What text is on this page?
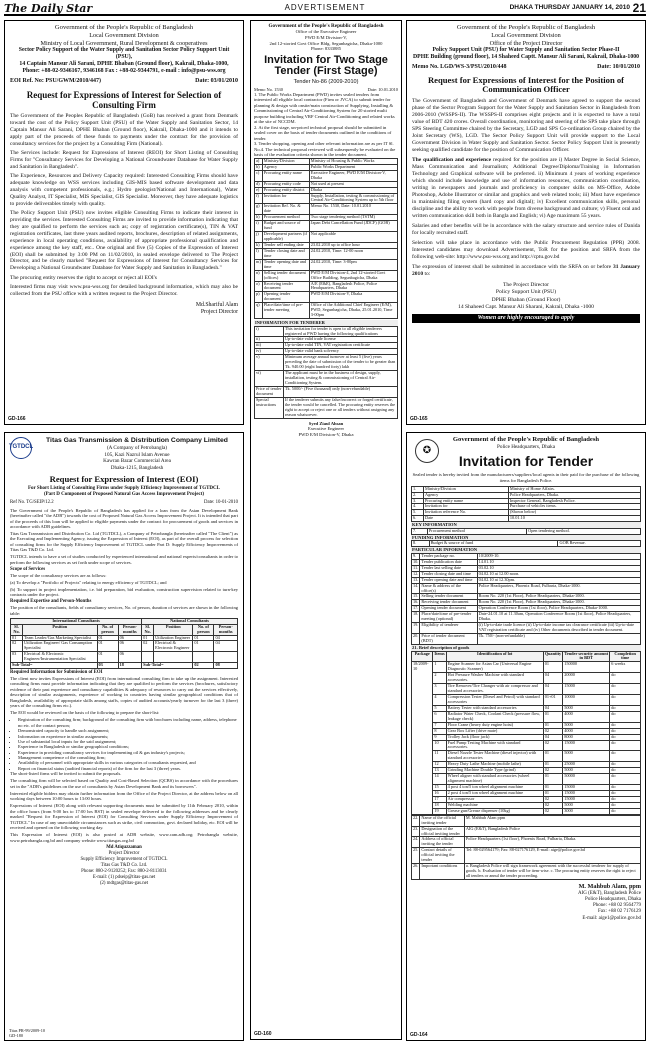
The Daily Star	ADVERTISEMENT	DHAKA THURSDAY JANUARY 14, 2010 21
Government of the People's Republic of Bangladesh
Local Government Division
Ministry of Local Government, Rural Development & cooperatives
Sector Policy Support of the Water Supply and Sanitation Sector Policy Support Unit (PSU),
14 Captain Mansur Ali Sarani, DPHE Bhaban (Ground floor), Kakrail, Dhaka-1000,
Phone: +88-02-9346167, 9346168 Fax : +88-02-9344791, e-mail : info@psu-wss.org
EOI Ref. No: PSU/GWM/2010/447)	Date: 03/01/2010
Request for Expressions of Interest for Selection of Consulting Firm

The Government of the Peoples Republic of Bangladesh (GoB) has received a grant from Denmark toward the cost of the Policy Support Unit (PSU) of the Water Supply and Sanitation Sector, 14 Captain Mansur Ali Sarani, DPHE Bhaban (Ground floor), Kakrail, Dhaka-1000 and it intends to apply part of the proceeds of these funds to payments under the contract for the provision of consultancy services for the project by a Consulting Firm (National).

The Services include: Request for Expressions of Interest (REOI) for Short Listing of Consulting Firms for "Consultancy Services for Developing a National Groundwater Database for Water Supply and Sanitation in Bangladesh".

The Experience, Resources and Delivery Capacity required: Interested Consulting Firms should have adequate knowledge on WSS services including GIS-MIS based software development and data analysis with competent professionals, e.g.; Hydro geologist/National and International), Water Quality Analyst, IT Specialist, MIS Specialist, GIS Specialist. Moreover, they have adequate logistics to provide deliverables timely with quality.

The Policy Support Unit (PSU) now invites eligible Consulting Firms to indicate their interest in providing the services. Interested Consulting Firms are invited to provide information indicating that they are qualified to perform the services such as; copy of registration certificate(s), TIN & VAT registration certificates, last three years audited reports, brochures, description of related assignments, experience in local operating conditions, availability of appropriate professional qualification and experience among the key staff, etc.. One original and five (5) Copies of the Expression of Interest (EOI) shall be submitted by 3:00 PM on 11/02/2010, in sealed envelope delivered to The Project Director, and be clearly marked "Request for Expressions of Interest for Consultancy Services for Developing a National Groundwater Database for Water Supply and Sanitation in Bangladesh."

The procuring entity reserves the right to accept or reject all EOI's

Interested firms may visit www.psu-wss.org for detailed background information, which may also be collected from the PSU office with a written request to the Project Director.

Md.Shariful Alam
Project Director
GD-166
Government of the People's Republic of Bangladesh
Office of the Executive Engineer
PWD E/M Division-V,
2nd 12-storied Govt Office Bldg, Segunbagicha, Dhaka-1000
Phone: 8333885
Invitation for Two Stage Tender (First Stage)
Tender No-86 (2009-2010)
Memo No. 1530	Date: 10.01.2010
1. The Public Works Department (PWD) invites sealed tenders from interested all eligible local contractor (Firm or JVCA) to submit tender for planning & design with onsite/main construction of Supplying, Installing & Commissioning of Central Air-Conditioning System for 20 storied multi purpose building including VRF Central Air-Conditioning and related works at the site of NCCDM.
2. At the first stage, un-priced technical proposal should be submitted in sealed cover on the basis of tender documents outlined in the conditions of tender.
3. Tender shopping, opening and other relevant information are as per IT Sl. No.4. The technical proposal reviewed will subsequently be evaluated on the basis of the evaluation criteria shown in the tender document.
a)	Ministry/Division	Ministry of Housing & Public Works
b)	Agency	Public Works Department
c)	Procuring entity name	Executive Engineer, PWD E/M Division-V, Dhaka
d)	Procuring entity code	Not used at present
e)	Procuring entity district	Dhaka
f)	Invitation for	Supply, Installation, testing & commissioning of Central Air-Conditioning System up to 5th floor
g)	Invitation Ref. No. & date	Memo No. 1530, Date: 10.01.2010
h)	Procurement method	Two stage tendering method (TSTM)
i)	Budget and source of fund	Japan Debt Cancellation Fund (JDCF) (GOB)
j)	Development partners (if applicable)	Not applicable
k)	Tender sell ending date	23.02.2010 up to office hour
l)	Tender closing date and time	24.02.2010, Time: 12-00 noon
m)	Tender opening date and time	24.02.2010, Time: 3-00pm
n)	Selling tender document (offices)	PWD E/M Division-4, 2nd 12-storied Govt Office Building, Segunbagicha, Dhaka
o)	Receiving tender document	A/E (E&E), Bangladesh Police, Police Headquarters, Dhaka
p)	Opening tender document	PWD E/M Division-V, Dhaka
q)	Place/date/time of pre-tender meeting	Office of the Additional Chief Engineer (E/M), PWD, Segunbagicha, Dhaka, 25.01.2010, Time 3-00pm
INFORMATION FOR TENDERER
i)	This invitation for tender is open to all eligible tenderers registered at PWD having the following qualifications
ii)	Up-to-date valid trade license
iii)	Up-to-date valid TIN, VAT registration certificate
iv)	Up-to-date valid bank solvency
v)	Minimum average annual turnover at least 5 (five) years preceding the date of submission of the tender to be greater than Tk. 940.00 (eight hundred forty) lakh
vi)	The applicant must be in the business of design, supply, installation, testing & commissioning of Central Air-Conditioning System.
Price of tender document	Tk. 5000/- (Five thousand) only (non-refundable)
Special instructions	If the tenderer submits any false/incorrect or forged certificate, the tender would be cancelled. The procuring entity reserves the right to accept or reject one or all tenders without assigning any reason whatsoever.
Syed Ziaul Ahsan
Executive Engineer
PWD E/M Division-V, Dhaka
GD-160
Government of the People's Republic of Bangladesh
Local Government Division
Office of the Project Director
Policy Support Unit (PSU) for Water Supply and Sanitation Sector Phase-II
DPHE Building (ground floor), 14 Shaheed Captt. Mansur Ali Sarani, Kakrail, Dhaka-1000
Memo No. LGD/WS-3/PSU/2010/448	Date: 10/01/2010
Request for Expressions of Interest for the Position of Communication Officer

The Government of Bangladesh and Government of Denmark have agreed to support the second phase of the Sector Program Support for the Water Supply and Sanitation Sector in Bangladesh from 2006-2010 (WSSPS-II). The WSSPS-II comprises eight projects and it is expected to have a total value of BDT 420 crores. Overall coordination, monitoring and steering of the SPS take place through SPS Steering Committee chaired by the Secretary, LGD and SPS Co-ordination Group chaired by the Joint Secretary (WS), LGD. The Sector Policy Support Unit will provide support to the Local Government Division in Water Supply and Sanitation Sector. Sector Policy Support Unit is presently seeking qualified candidate for the position of Communication Officer.

The qualification and experience required for the position are i) Master Degree in Social Science, Mass Communication and Journalism; Additional Degree/Diploma/Training in Information Technology and Graphical software will be preferred. ii) Minimum 4 years of working experience which should include knowledge and use of information resources, communication coordination, writing in newspapers and journals and proficiency in computer skills on MS-Office, Adobe Photoshop, Adobe Illustrator or similar and graphics and web related tools; iii) Must have experience in maintaining filing system (hard copy and digital); iv) Excellent communication skills, personal discipline and the ability to work with people from diverse background and culture; v) Fluent oral and written communication skill both in Bangla and English; vi) Age maximum 55 years.

Salaries and other benefits will be in accordance with the salary structure and service rules of Danida for locally recruited staff.

Selection will take place in accordance with the Public Procurement Regulation (PPR) 2008. Interested candidates may download Advertisement, ToR for the position and SRFA from the following web-site: http://www.psu-wss.org and http://cptu.gov.bd

The expression of interest shall be submitted in accordance with the SRFA on or before 31 January 2010 to:

The Project Director
Policy Support Unit (PSU)
DPHE Bhaban (Ground Floor)
14 Shaheed Capt. Mansur Ali Sharani, Kakrail, Dhaka -1000
Women are highly encouraged to apply
GD-165
TGTDCL
Titas Gas Transmission & Distribution Company Limited
(A Company of Petrobangla)
105, Kazi Nazrul Islam Avenue
Kawran Bazar Commercial Area
Dhaka-1215, Bangladesh
Request for Expression of Interest (EOI)
For Short Listing of Consulting Firms under Supply Efficiency Improvement of TGTDCL
(Part D Component of Proposed Natural Gas Access Improvement Project)
Ref No. TG/SEIP/12.2	Date: 10-01-2010

The Government of the People's Republic of Bangladesh has applied for a loan from the Asian Development Bank (hereinafter called "the ADB") towards the cost of Proposed Natural Gas Access Improvement Project. It is intended that part of the proceeds of this loan will be applied to eligible payments under the contract for procurement of goods and services in accordance with ADB guidelines.

Titas Gas Transmission and Distribution Co. Ltd (TGTDCL), a Company of Petrobangla (hereinafter called "The Client") as the Executing and Implementing Agency, issuing the Expression of Interest (EOI), as part of the overall process for selection of consulting firms for the Supply Efficiency Improvement of TGTDCL under Part D: Supply Efficiency Improvements of Titas Gas T&D Co. Ltd.

TGTDCL intends to have a set of studies conducted by experienced international and national experts/consultants in order to perform the following services as set forth under scope of services.

Scope of Services

The scope of the consultancy services are as follows:

(a) To develop a "Portfolio of Projects" relating to energy efficiency of TGTDCL; and

(b) To support in project implementation, i.e. bid preparation, bid evaluation, construction supervision related to turn-key contracts under the project.

Required Expertise and Person-Months

The position of the consultants, fields of consultancy services, No. of person, duration of services are shown in the following table:

International Consultants				National Consultants			
Sl. No.	Position	No. of person	Person-months	Sl. No.	Position	No. of person	Person-months
01	Team Leader/Gas Marketing Specialist	01	06	01	Utilization Engineer	01	04
02	Utilization Engineer/ Gas Consumption Specialist	01	06	02	Electrical & Electronic Engineer	01	04
03	Electrical & Electronic Engineer/Instrumentation Specialist	01	06				
Sub-Total=		03	18	Sub-Total=		02	08
Required Information for Submission of EOI

The client now invites Expressions of Interest (EOI) from international consulting firm to take up the assignment. Interested consulting firms must provide information indicating that they are qualified to perform the services (brochures, satisfactory evidence of their past experience and consultancy capabilities & adequacy of resources to carry out the services effectively, description of similar assignments, experience of working in countries having similar geographical conditions that of Bangladesh, availability of appropriate skills among staffs, copies of audited accounts/yearly turnover for the last 3 (three) years of the consulting firms etc.).

The EOI would be reviewed on the basis of the following to prepare the short-list:

• Registration of the consulting firm; background of the consulting firm with brochures including name, address, telephone no etc. of the contact person;
• Demonstrated capacity to handle such assignment;
• Information on experience in similar assignments;
• Use of substantial local inputs for the said assignment;
• Experience in Bangladesh or similar geographical conditions;
• Experience in providing consultancy services for implementing oil & gas industry's projects;
• Management competence of the consulting firm;
• Availability of personnel with appropriate skills in various categories of consultants requested, and
• Report on financial status (audited financial reports) of the firm for the last 3 (three) years.

The short-listed firms will be invited to submit the proposals.

The consulting firm will be selected based on Quality and Cost-Based Selection (QCBS) in accordance with the procedures set in the "ADB's guidelines on the use of consultants by Asian Development Bank and its borrowers".

Interested eligible bidders may obtain further information from the Office of the Project Director, at the address below on all working days between 10:00 hours to 13:00 hours.

Expressions of Interest (EOI) along with relevant supporting documents must be submitted by 11th February 2010, within the office hours (from 9:00 hrs to 17:00 hrs BST) in sealed envelope delivered to the following addresses and be clearly marked "Request for Expression of Interest (EOI) for Consulting Services under Supply Efficiency Improvement of TGTDCL" In case of any unavoidable circumstances such as strike, civil commotion, govt. declared holiday, etc. EOI will be received and opened on the following working day.

This Expression of Interest (EOI) is also posted at ADB website, www.cam.adb.org; Petrobangla website, www.petrobangla.org.bd and company website www.titasgas.org.bd

Md Atiquzzaman
Project Director
Supply Efficiency Improvement of TGTDCL
Titas Gas T&D Co. Ltd.
Phone: 880-2-9120252; Fax: 880-2-8113031
E-mail: (1) pdseip@titas-gas.net
(2) mdtgas@titas-gas.net
Titas PR-99/2009-10
GD-180
✪
Government of the People's Republic of Bangladesh
Police Headquarters, Dhaka
Invitation for Tender
Sealed tender is hereby invited from the manufacturers/suppliers/local agents in their paid for the purchase of the following items for Bangladesh Police.
1.	Ministry/Division	Ministry of Home Affairs.
2.	Agency	Police Headquarters, Dhaka.
3.	Procuring entity name	Inspector General, Bangladesh Police.
4.	Invitation for	Purchase of vehicles items.
5.	Invitation reference No.	(Shown below)
6.	Date	10.01.10
KEY INFORMATION
7.	Procurement method	Open tendering method.
FUNDING INFORMATION
8.	Budget & source of fund	GOB Revenue.
PARTICULAR INFORMATION
9.	Tender package no.	10/2009-10.
10.	Tender publication date	14.01.10
11.	Tender last selling date	03.02.10
12.	Tender closing date and time	04.02.10 at 12.00 noon.
13.	Tender opening date and time	04.02.10 at 12.30pm.
14.	Name & address of the office(s)	Police Headquarters, Phoenix Road, Fulbaria, Dhaka-1000.
15.	Selling tender document	Room No. 220 (1st Floor), Police Headquarters, Dhaka-1000.
16.	Receiving tender document	Room No. 220 (1st Floor), Police Headquarters, Dhaka-1000.
17.	Opening tender document	Operation Conference Room (1st floor), Police Headquarters, Dhaka-1000.
18.	Place/date/time of pre-tender meeting (optional)	Date-24.01.10 at 11.30am, Operation Conference Room (1st floor), Police Headquarters, Dhaka.
19.	Eligibility of tenderer	(i) Up-to-date trade licence (ii) Up-to-date income tax clearance certificate (iii) Up-to-date VAT registration certificate and (iv) Other documents described in tender document.
20.	Price of tender document (BDT)	Tk. 750/- (non-refundable)
21. Brief description of goods
Package	Items	Identification of lot	Quantity	Tender security amount in BDT	Completion time
18/2009-10	1	Engine Scanner for Asian Car (Universal Engine Diagnostic Scanner)	01	150000	6 weeks
	2	Hot Pressure Washer Machine with standard accessories.	04	20000	do
	3	Tire Remover/Tire Changer with air compressor and standard accessories.	04	15000	do
	4	Compression Tester (Diesel and Petrol) with standard accessories	01+01	10000	do
	5	Battery Tester with standard accessories	04	5000	do
	6	Radiator Water Check, Coolant Check (pressure flow, leakage check)	01	4000	do
	7	Floor Crane (heavy duty engine hoist)	01	5000	do
	8	Gear Box Lifter (drive mate)	02	4000	do
	9	Trolley Jack (floor jack)	04	8000	do
	10	Fuel Pump Testing Machine with standard accessories.	02	15000	do
	11	Diesel Nozzle Tester Machine (diesel injector) with standard accessories	01	5000	do
	12	Heavy Duty Lathe Machine (mobile lathe)	01	25000	do
	13	Grinding Machine Double Type (grind)	02	5000	do
	14	Wheel aligner with standard accessories (wheel alignment machine)	01	50000	do
	15	4 post 4 ton/5 ton wheel alignment machine	01	15000	do
	16	2 post 4 ton/5 ton wheel alignment machine	01	15000	do
	17	Air compressor	02	15000	do
	18	Welding machine	02	5000	do
	19	Grease gun/Grease dispenser (10kg)	02	3000	do
22.	Name of the official inviting tender	M. Mahbub Alam ppm
23.	Designation of the official inviting tender	AIG (E&T), Bangladesh Police
24.	Address of official inviting the tender	Police Headquarters (1st floor), Phoenix Road, Fulbaria, Dhaka.
25.	Contact details of official inviting the tender	Tel: 88-029564179; Fax: 88-027176129, E-mail: aige@police.gov.bd
26.	Important conditions	a. Bangladesh Police will sign framework agreement with the successful tenderer for supply of goods. b. Evaluation of tender will be item-wise. c. The procuring entity reserves the right to reject all tenders or annul the tender proceeding.
M. Mahbub Alam, ppm
AIG (E&T), Bangladesh Police
Police Headquarters, Dhaka
Phone: +88 02 9564779
Fax: +88 02 7176129
E-mail: aige1@police.gov.bd
GD-164
